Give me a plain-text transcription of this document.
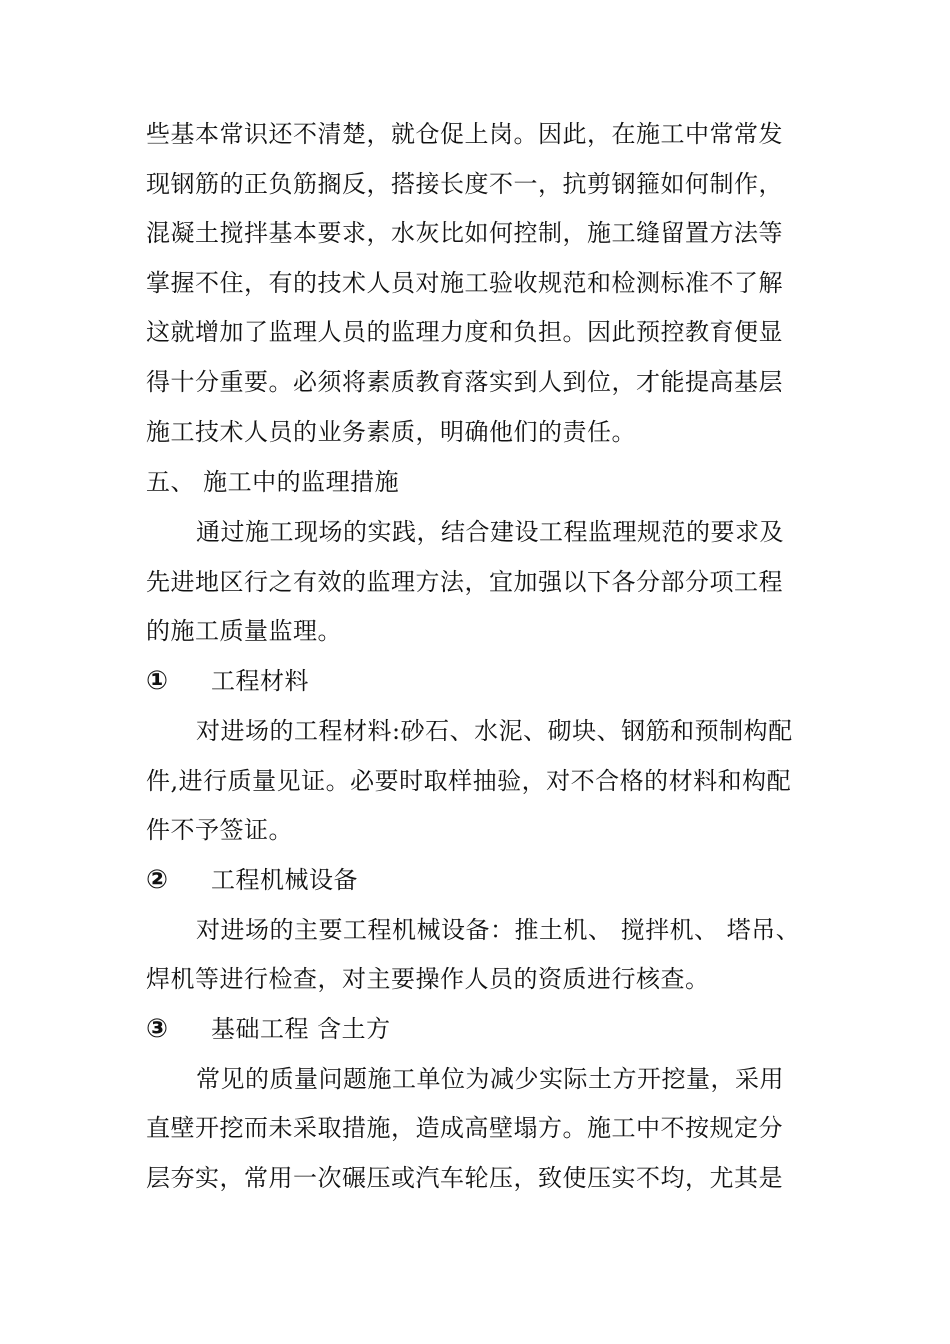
些基本常识还不清楚，就仓促上岗。因此，在施工中常常发
现钢筋的正负筋搁反，搭接长度不一，抗剪钢箍如何制作，
混凝土搅拌基本要求，水灰比如何控制，施工缝留置方法等
掌握不住，有的技术人员对施工验收规范和检测标准不了解
这就增加了监理人员的监理力度和负担。因此预控教育便显
得十分重要。必须将素质教育落实到人到位，才能提高基层
施工技术人员的业务素质，明确他们的责任。
五、 施工中的监理措施
通过施工现场的实践，结合建设工程监理规范的要求及
先进地区行之有效的监理方法，宜加强以下各分部分项工程
的施工质量监理。
① 工程材料
对进场的工程材料:砂石、水泥、砌块、钢筋和预制构配
件,进行质量见证。必要时取样抽验，对不合格的材料和构配
件不予签证。
② 工程机械设备
对进场的主要工程机械设备：推土机、 搅拌机、 塔吊、
焊机等进行检查，对主要操作人员的资质进行核查。
③ 基础工程 含土方
常见的质量问题施工单位为减少实际土方开挖量，采用
直壁开挖而未采取措施，造成高壁塌方。施工中不按规定分
层夯实，常用一次碾压或汽车轮压，致使压实不均，尤其是
